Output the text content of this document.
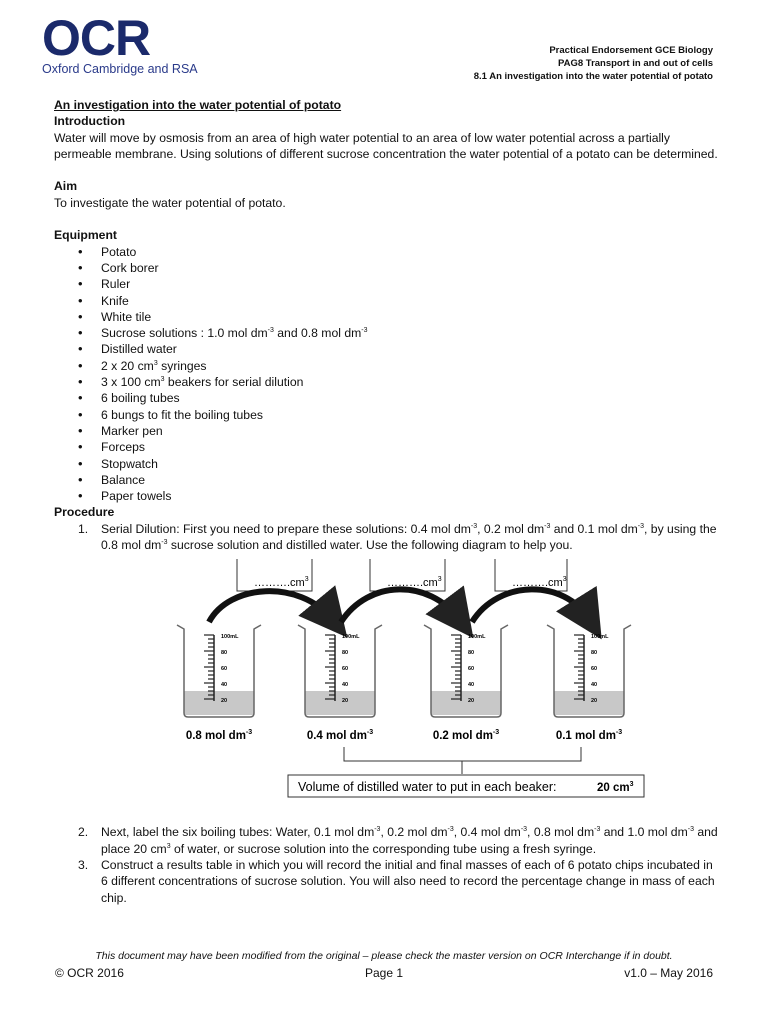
OCR
Oxford Cambridge and RSA
Practical Endorsement GCE Biology
PAG8 Transport in and out of cells
8.1 An investigation into the water potential of potato

An investigation into the water potential of potato

Introduction

Water will move by osmosis from an area of high water potential to an area of low water potential across a partially permeable membrane. Using solutions of different sucrose concentration the water potential of a potato can be determined.

Aim

To investigate the water potential of potato.

Equipment

• Potato
• Cork borer
• Ruler
• Knife
• White tile
• Sucrose solutions : 1.0 mol $dm^{-3}$ and 0.8 mol $dm^{-3}$
• Distilled water
• 2 x 20 $cm^3$ syringes
• 3 x 100 $cm^3$ beakers for serial dilution
• 6 boiling tubes
• 6 bungs to fit the boiling tubes
• Marker pen
• Forceps
• Stopwatch
• Balance
• Paper towels

Procedure

1. Serial Dilution: First you need to prepare these solutions: 0.4 mol $dm^{-3}$, 0.2 mol $dm^{-3}$ and 0.1 mol $dm^{-3}$, by using the 0.8 mol $dm^{-3}$ sucrose solution and distilled water. Use the following diagram to help you.
$\dots\dots\dots.cm^3$	$\dots\dots\dots.cm^3$	$\dots\dots\dots.cm^3$
100mL
80
60
40
20
0.8 mol $dm^{-3}$
100mL
80
60
40
20
0.4 mol $dm^{-3}$
100mL
80
60
40
20
0.2 mol $dm^{-3}$
100mL
80
60
40
20
0.1 mol $dm^{-3}$
Volume of distilled water to put in each beaker:	20 $cm^3$
2. Next, label the six boiling tubes: Water, 0.1 mol $dm^{-3}$, 0.2 mol $dm^{-3}$, 0.4 mol $dm^{-3}$, 0.8 mol $dm^{-3}$ and 1.0 mol $dm^{-3}$ and place 20 $cm^3$ of water, or sucrose solution into the corresponding tube using a fresh syringe.
3. Construct a results table in which you will record the initial and final masses of each of 6 potato chips incubated in 6 different concentrations of sucrose solution. You will also need to record the percentage change in mass of each chip.
This document may have been modified from the original – please check the master version on OCR Interchange if in doubt.
© OCR 2016	Page 1	v1.0 – May 2016
